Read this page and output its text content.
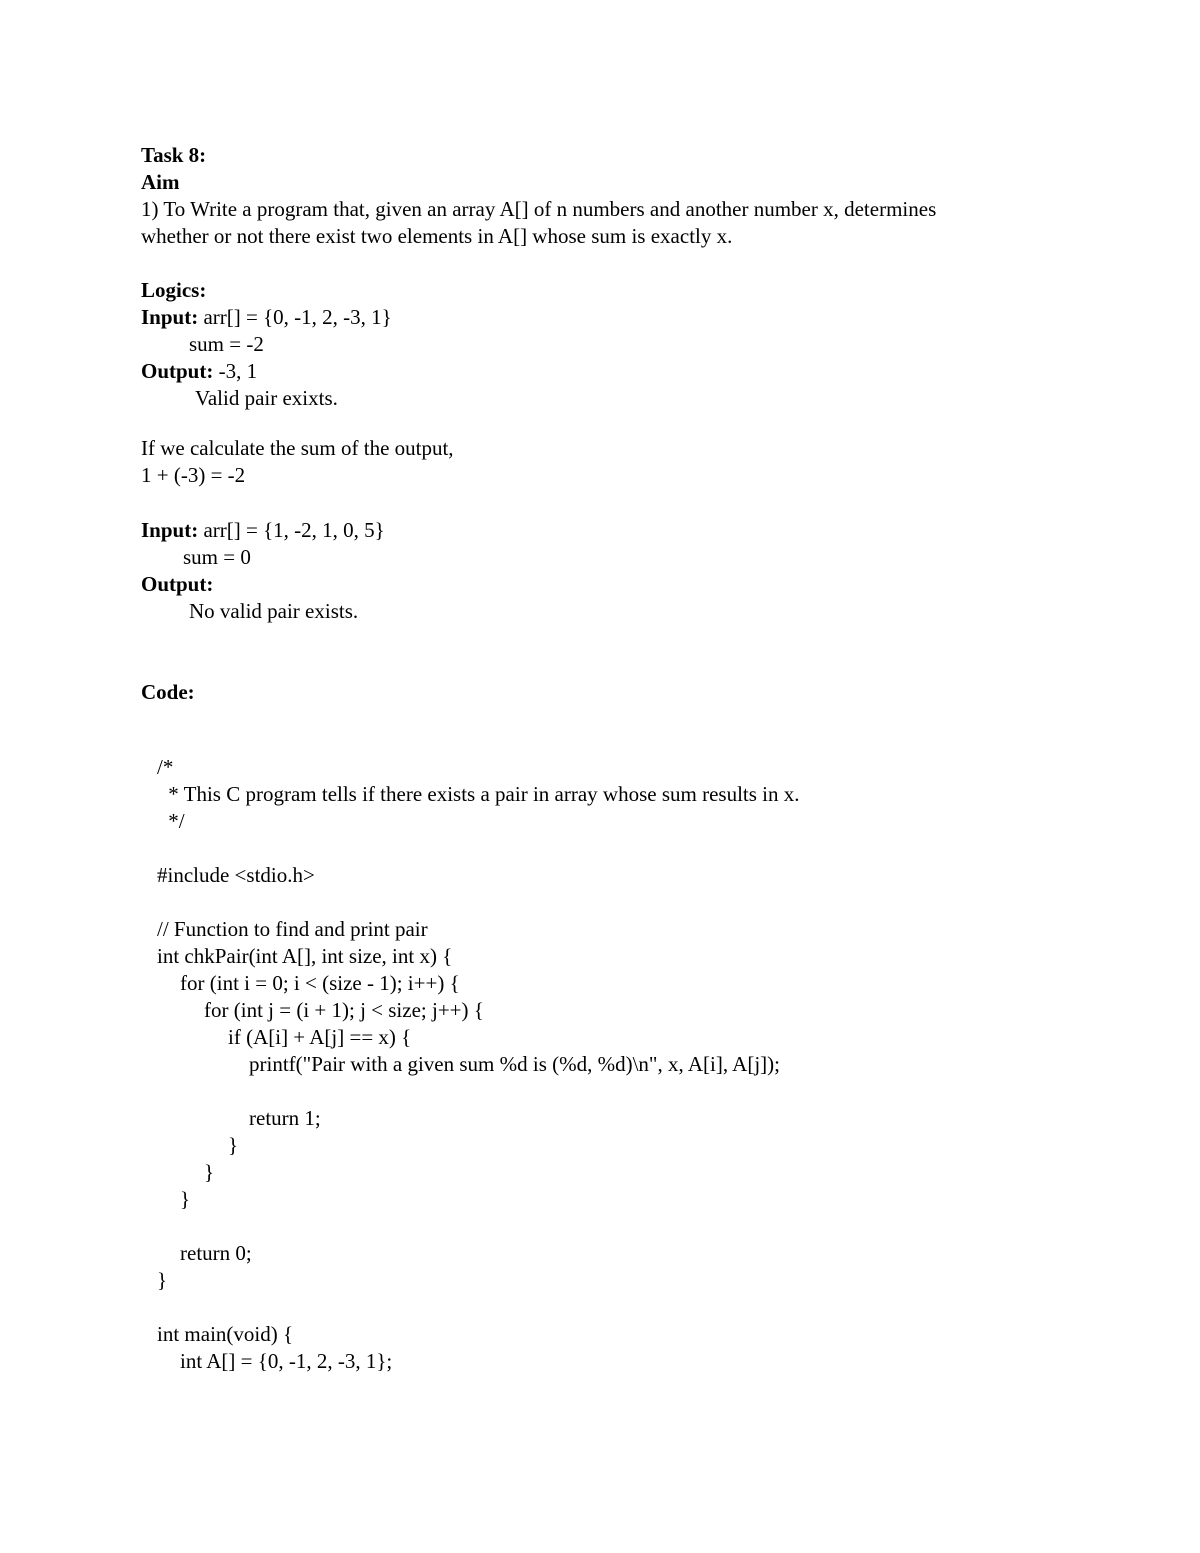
Task 8:
Aim
1) To Write a program that, given an array A[] of n numbers and another number x, determines
whether or not there exist two elements in A[] whose sum is exactly x.
Logics:
Input: arr[] = {0, -1, 2, -3, 1}
sum = -2
Output: -3, 1
Valid pair exixts.
If we calculate the sum of the output,
1 + (-3) = -2
Input: arr[] = {1, -2, 1, 0, 5}
sum = 0
Output:
No valid pair exists.
Code:
/*
* This C program tells if there exists a pair in array whose sum results in x.
*/
#include <stdio.h>
// Function to find and print pair
int chkPair(int A[], int size, int x) {
for (int i = 0; i < (size - 1); i++) {
for (int j = (i + 1); j < size; j++) {
if (A[i] + A[j] == x) {
printf("Pair with a given sum %d is (%d, %d)\n", x, A[i], A[j]);
return 1;
}
}
}
return 0;
}
int main(void) {
int A[] = {0, -1, 2, -3, 1};
